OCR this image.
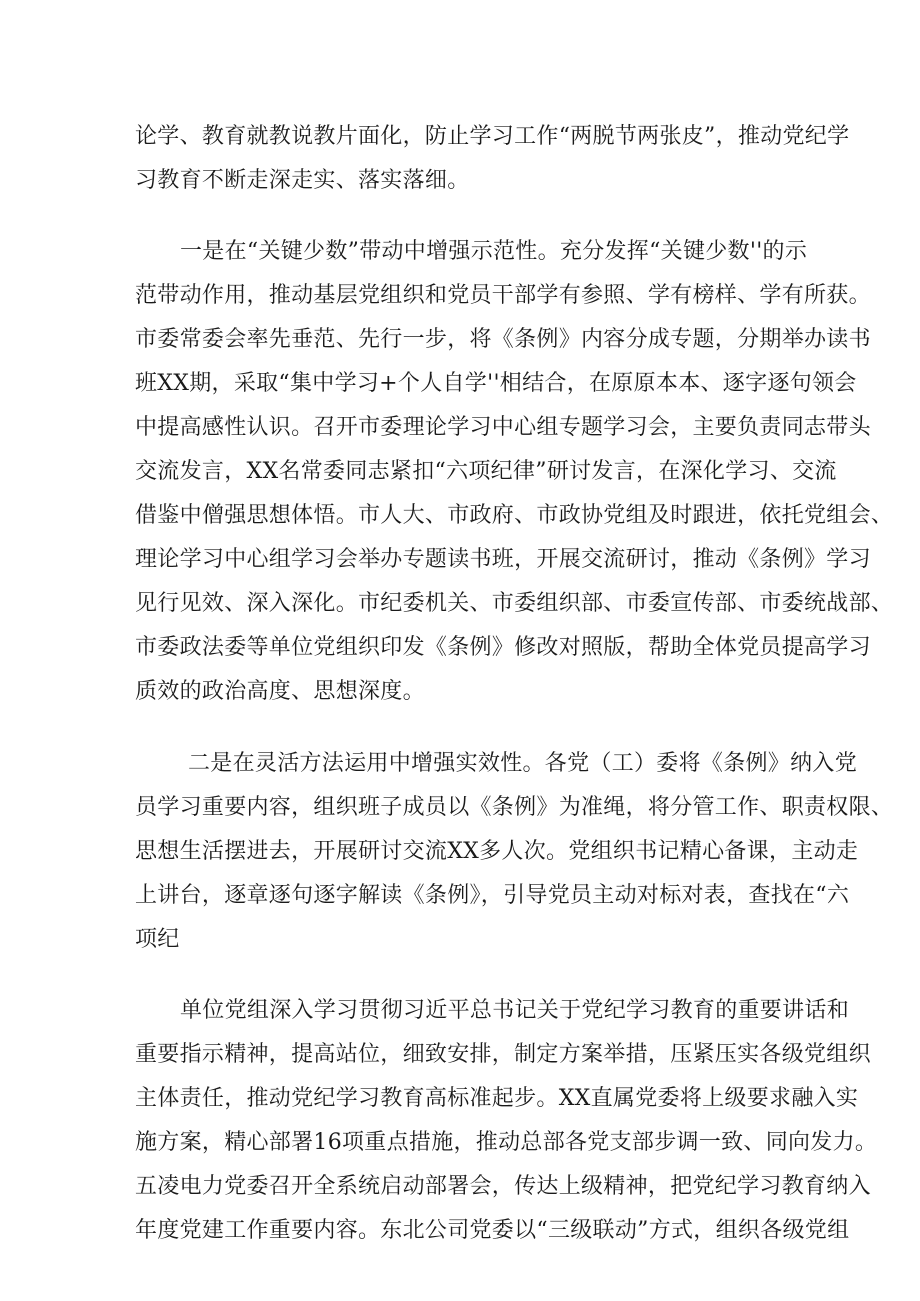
论学、教育就教说教片面化，防止学习工作“两脱节两张皮”，推动党纪学
习教育不断走深走实、落实落细。
一是在“关键少数”带动中增强示范性。充分发挥“关键少数''的示
范带动作用，推动基层党组织和党员干部学有参照、学有榜样、学有所获。
市委常委会率先垂范、先行一步，将《条例》内容分成专题，分期举办读书
班XX期，采取“集中学习+个人自学''相结合，在原原本本、逐字逐句领会
中提高感性认识。召开市委理论学习中心组专题学习会，主要负责同志带头
交流发言，XX名常委同志紧扣“六项纪律”研讨发言，在深化学习、交流
借鉴中僧强思想体悟。市人大、市政府、市政协党组及时跟进，依托党组会、
理论学习中心组学习会举办专题读书班，开展交流研讨，推动《条例》学习
见行见效、深入深化。市纪委机关、市委组织部、市委宣传部、市委统战部、
市委政法委等单位党组织印发《条例》修改对照版，帮助全体党员提高学习
质效的政治高度、思想深度。
二是在灵活方法运用中增强实效性。各党（工）委将《条例》纳入党
员学习重要内容，组织班子成员以《条例》为准绳，将分管工作、职责权限、
思想生活摆进去，开展研讨交流XX多人次。党组织书记精心备课，主动走
上讲台，逐章逐句逐字解读《条例》，引导党员主动对标对表，查找在“六
项纪
单位党组深入学习贯彻习近平总书记关于党纪学习教育的重要讲话和
重要指示精神，提高站位，细致安排，制定方案举措，压紧压实各级党组织
主体责任，推动党纪学习教育高标准起步。XX直属党委将上级要求融入实
施方案，精心部署16项重点措施，推动总部各党支部步调一致、同向发力。
五凌电力党委召开全系统启动部署会，传达上级精神，把党纪学习教育纳入
年度党建工作重要内容。东北公司党委以“三级联动”方式，组织各级党组
